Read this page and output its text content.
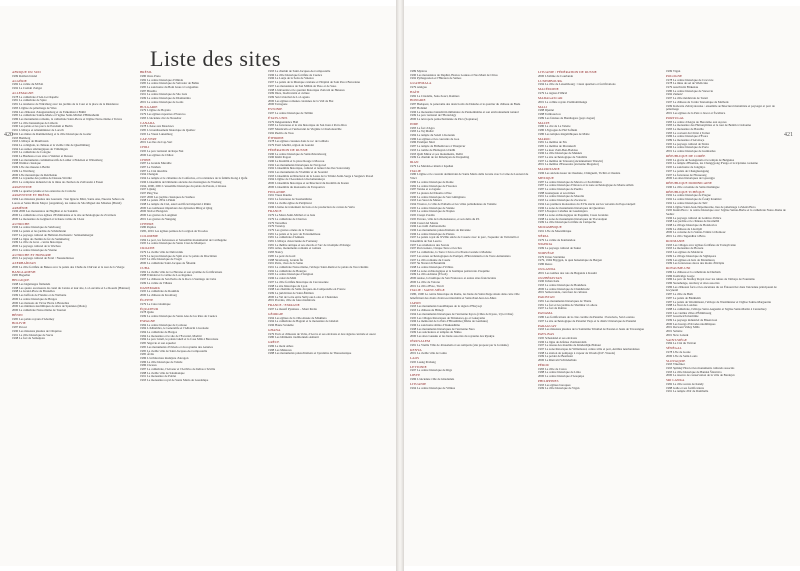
Liste des sites
420
AFRIQUE DU SUD
1999 Robben Island
ALGÉRIE
1982 La vallée du M'Zab
1992 La Casbah d'Alger
ALLEMAGNE
1978 La cathédrale d'Aix-la-Chapelle
1981 La cathédrale de Spire
1981 La résidence de Würzburg avec les jardins de la Cour et la place de la Résidence
1983 L'église de pèlerinage de Wies
1984 Les châteaux d'Augustusburg et de Falkenlust à Brühl
1985 La cathédrale Sainte-Marie et l'église Saint-Michel d'Hildesheim
1986 Les monuments romains, la cathédrale Saint-Pierre et l'église Notre-Dame à Trèves
1987 La ville hanséatique de Lübeck
1990 Les palais et les parcs de Potsdam et Berlin
1991 L'abbaye et Altenmünster de Lorsch
1992 Les mines de Rammelsberg et la ville historique de Goslar
1993 Bamberg
1993 L'abbaye de Maulbronn
1994 La collégiale, le château et la vieille ville de Quedlinburg
1994 Les usines sidérurgiques de Völklingen
1995 La cathédrale de Cologne
1996 Le Bauhaus et ses sites à Weimar et Dessau
1996 Les monuments commémoratifs de Luther à Eisleben et Wittenberg
1998 Weimar classique
1999 L'île des musées à Berlin
1999 La Wartburg
2000 L'île monastique de Reichenau
2000 Le royaume des jardins de Dessau-Wörlitz
2001 Le complexe industriel de la mine de charbon de Zollverein à Essen
ARGENTINE
1999 Le quartier jésuite et les estancias de Córdoba
ARGENTINE ET BRÉSIL
1984 Les missions jésuites des Guaranis : San Ignacio Mini, Santa Ana, Nuestra Señora de Loreto et Santa María Mayor (Argentine), les ruines de São Miguel das Missões (Brésil)
ARMÉNIE
1996 2000 Les monastères de Haghbat et de Sanahin
2000 La cathédrale et les églises d'Echmiatsine et le site archéologique de Zvartnots
2000 Le monastère de Géghard et la haute vallée de l'Azat
AUTRICHE
1996 Le centre historique de Salzbourg
1996 Le palais et les jardins de Schönbrunn
1997 Le paysage culturel de Hallstatt-Dachstein / Salzkammergut
1998 La ligne de chemin de fer de Semmering
1999 La ville de Graz - centre historique
2000 Le paysage culturel de la Wachau
2001 Le centre historique de Vienne
AUTRICHE ET HONGRIE
2001 Le paysage culturel de Fertö / Neusiedlersee
AZERBAÏDJAN
2000 La ville fortifiée de Bakou avec le palais des Chahs de Chirvan et la tour de la Vierge
BANGLADESH
1985 Bagerhat
BELGIQUE
1998 Les béguinages flamands
1998 Les quatre ascenseurs du canal du Centre et leur site, La Louvière et Le Roeulx (Hainaut)
1998 La Grand-Place de Bruxelles
1999 Les beffrois de Flandre et de Wallonie
2000 Le centre historique de Bruges
2000 Les maisons de Victor Horta à Bruxelles
2000 Les minières néolithiques de silex de Spiennes (Mons)
2000 La cathédrale Notre-Dame de Tournai
BÉNIN
1985 Les palais royaux d'Abomey
BOLIVIE
1987 Potosí
1990 Les missions jésuites de Chiquitos
1991 La ville historique de Sucre
1998 Le fort de Samaipata
BRÉSIL
1980 Ouro Preto
1982 Le centre historique d'Olinda
1985 Le centre historique de Salvador de Bahia
1985 Le sanctuaire du Bom Jesus à Congonhas
1987 Brasilia
1991 Le centre historique de São Luís
1999 Le centre historique de Diamantina
2001 Le centre historique de Goiás
BULGARIE
1979 L'église de Boyana
1979 Les églises rupestres d'Ivanovo
1983 L'ancienne cité de Nessebar
CANADA
1978 L'Anse aux Meadows
1985 L'arrondissement historique de Québec
1995 Le Vieux Lunenburg
CAP-VERT
2001 Les îles du Cap-Vert
CHILI
1995 Le parc national de Rapa Nui
2000 Les églises de Chiloé
CHINE
1987 La Grande Muraille
1987 Le Taishan
1987 La Cité interdite
1994 Chengde
1994 Le temple et le cimetière de Confucius, et la résidence de la famille Kong à Qufu
1996 L'ensemble de bâtiments anciens des montagnes de Wudang
1994, 2000, 2001 L'ensemble historique du palais du Potala, à Lhassa
1997 Lijiang
1997 Ping Yao
1997 2000 Les jardins classiques de Suzhou
1998 Le palais d'Été à Pékin
1998 Le temple du Ciel, autel sacrificiel impérial à Pékin
2000 Les tombeaux impériaux des dynasties Ming et Qing
2000 Xidi et Hongcun
2000 Les grottes de Longmen
2001 Les grottes de Yungang
CHYPRE
1980 Paphos
1985, 2001 Les églises peintes de la région de Troodos
COLOMBIE
1984 Le port, les forteresses et l'ensemble monumental de Carthagène
1995 Le centre historique de Santa Cruz de Mompox
CROATIE
1979 La vieille ville de Dubrovnik
1979 Le noyau historique de Split avec le palais de Dioclétien
1997 La ville historique de Trogir
2000 La cathédrale Saint-Jacques de Šibenik
CUBA
1982 La vieille ville de La Havane et son système de fortifications
1988 Trinidad et la vallée de Los Ingenios
1997 Le château de San Pedro de la Roca à Santiago de Cuba
1999 La vallée de Viñales
DANEMARK
1995 La cathédrale de Roskilde
2000 Le château de Kronborg
ÉGYPTE
1979 Le Caire islamique
ÉQUATEUR
1978 Quito
1999 Le centre historique de Santa Ana de los Ríos de Cuenca
ESPAGNE
1984 Le centre historique de Cordoue
1984 L'Alhambra, le Generalife et l'Albaicín à Grenade
1984 La cathédrale de Burgos
1984 Le monastère et le site de l'Escurial, Madrid
1984 Le parc Güell, le palais Güell et la Casa Milà à Barcelone
1985 Ségovie et son aqueduc
1985 Les monuments d'Oviedo et du royaume des Asturies
1985 La vieille ville de Saint-Jacques-de-Compostelle
1985 Ávila
1986 L'architecture mudéjare d'Aragon
1986 La ville historique de Tolède
1986 Cáceres
1987 La cathédrale, l'Alcazar et l'Archivo de Indias à Séville
1988 La vieille ville de Salamanque
1991 Le monastère de Poblet
1993 Le monastère royal de Santa María de Guadalupe
1993 Le chemin de Saint-Jacques-de-Compostelle
1996 La ville historique fortifiée de Cuenca
1996 La Lonja de la Seda de Valence
1997 Le palais de la Musique catalane et l'hôpital de Sant Pau à Barcelone
1997 Les monastères de San Millán de Yuso et de Suso
1998 L'université et le quartier historique d'Alcalá de Henares
1999 Ibiza, biodiversité et culture
1999 San Cristóbal de La Laguna
2000 Les églises romanes catalanes de la Vall de Boí
2000 Tarragone
ESTONIE
1997 Le centre historique de Tallinn
ÉTATS-UNIS
1979 Independence Hall
1983 La forteresse et le site historique de San Juan à Porto Rico
1987 Monticello et l'université de Virginie à Charlottesville
1992 Pueblo de Taos
ÉTHIOPIE
1978 Les églises creusées dans le roc de Lalibela
1979 Fasil Ghebbi, région de Gondar
FÉDÉRATION DE RUSSIE
1990 Le centre historique de Saint-Pétersbourg
1990 Kizhi Pogost
1990 Le Kremlin et la place Rouge à Moscou
1992 Les monuments historiques de Novgorod
1992 L'ensemble historique, culturel et naturel des îles Solovetsky
1992 Les monuments de Vladimir et de Souzdal
1993 L'ensemble architectural de la Laure de la Trinité-Saint-Serge à Serguiev Posad
1994 L'église de l'Ascension à Kolomenskoye
2000 L'ensemble historique et architectural du Kremlin de Kazan
2000 L'ensemble du monastère de Ferapontov
FINLANDE
1991 Vieux Rauma
1991 La forteresse de Suomenlinna
1994 La vieille église de Petäjävesi
1996 L'usine de traitement du bois et de production de carton de Verla
FRANCE
1979 Le Mont-Saint-Michel et sa baie
1979 La cathédrale de Chartres
1979 Versailles
1979 Vézelay
1979 Les grottes ornées de la Vézère
1981 Le palais et le parc de Fontainebleau
1981 La cathédrale d'Amiens
1981 L'abbaye cistercienne de Fontenay
1981 Le théâtre antique et ses abords et l'arc de triomphe d'Orange
1981 Arles, monuments romains et romans
1983 Nancy
1985 Le pont du Gard
1988 Strasbourg, Grande Île
1991 Paris, rives de la Seine
1991 La cathédrale Notre-Dame, l'abbaye Saint-Remi et le palais de Tau à Reims
1992 La cathédrale de Bourges
1995 Le centre historique d'Avignon
1996 Le canal du Midi
1997 La ville fortifiée historique de Carcassonne
1998 Le site historique de Lyon
1998 Les chemins de Saint-Jacques-de-Compostelle en France
1999 La juridiction de Saint-Émilion
2000 Le Val de Loire entre Sully-sur-Loire et Chalonnes
2001 Provins, ville de foire médiévale
FRANCE / ESPAGNE
1997 Le massif Pyrénées – Mont Perdu
GÉORGIE
1994 Les églises de la ville-musée de Mtskheta
1994 La cathédrale de Bagrati et le monastère de Ghelati
1996 Haute Svanétie
GHANA
1979 Forts et châteaux de Volta, d'Accra et ses environs et des régions centrale et ouest
1980 Les bâtiments traditionnels Ashanti
GRÈCE
1986 Le mont Athos
1988 Les Météores
1988 Les monuments paléochrétiens et byzantins de Thessalonique
421
1989 Mystras
1990 Les monastères de Daphni, Hosios Loukas et Nea Moni de Chios
1992 Pythagoreion et l'Héraion de Samos
GUATEMALA
1979 Antigua
HAÏTI
1982 La Citadelle, Sans-Souci, Ramiers
HONGRIE
1987 Budapest, le panorama des deux bords du Danube et le quartier du château de Buda
1987 Hollókő
1996 Le monastère bénédictin millénaire de Pannonhalma et son environnement naturel
1999 Le parc national de l'Hortobágy
2000 La nécropole paléochrétienne de Pécs (Sopianae)
INDE
1983 Le fort d'Agra
1983 Le Taj Mahal
1984 Le temple du Soleil à Konarak
1986 Les églises et les couvents de Goa
1986 Fatehpur Sikri
1987 Le temple de Brihadisvara à Thanjavur
1993 La tombe de Humayun à Delhi
1993 Qutb Minar et ses monuments, Delhi
1999 Le chemin de fer himalayen de Darjeeling
IRAN
1979 Le Meidan-e imam à Ispahan
ITALIE
1980 L'église et le couvent dominicain de Santa Maria delle Grazie avec la Cène de Léonard de Vinci
1980 Le centre historique de Rome
1982 Le centre historique de Florence
1987 Venise et sa lagune
1987 La piazza del Duomo à Pise
1990 Le centre historique de San Gimignano
1993 Les Sassi de Matera
1994 Vicence, la ville de Palladio et les villas palladiennes de Vénétie
1995 Le centre historique de Sienne
1995 Le centre historique de Naples
1995 Crespi d'Adda
1995 Ferrare, ville de la Renaissance, et son delta du Pô
1996 Castel del Monte
1996 Les trulli d'Alberobello
1996 Les monuments paléochrétiens de Ravenne
1996 Le centre historique de Pienza
1997 Le palais royal du XVIIIe siècle de Caserte avec le parc, l'aqueduc de Vanvitelli et l'ensemble de San Leucio
1997 Les résidences des Savoie
1997 Portovenere, Cinque Terre et les îles
1997 La cathédrale, la Torre Civica et la Piazza Grande à Modène
1997 Les zones archéologiques de Pompéi, d'Herculanum et de Torre Annunziata
1997 La villa romaine du Casale
1997 Su Nuraxi di Barumini
1998 Le centre historique d'Urbino
1998 La zone archéologique et la basilique patriarcale d'Aquilée
1999 La villa Adriana (Tivoli)
2000 Assise, la basilique de San Francesco et autres sites franciscains
2000 La ville de Vérone
2001 La villa d'Este, Tivoli
ITALIE / SAINT-SIÈGE
1980, 1990 Le centre historique de Rome, les biens du Saint-Siège situés dans cette ville bénéficiant des droits d'extra-territorialité et Saint-Paul-hors-les-Murs
JAPON
1993 Les monuments bouddhiques de la région d'Horyu-ji
1993 Le château de Himeji
1994 Les monuments historiques de l'ancienne Kyoto (villes de Kyoto, Uji et Otsu)
1995 Les villages historiques de Shirakawa-go et Gokayama
1996 Le mémorial de la Paix d'Hiroshima (Dôme de Genbaku)
1996 Le sanctuaire shinto d'Itsukushima
1998 Les monuments historiques de l'ancienne Nara
1999 Les sanctuaires et temples de Nikko
2000 Les sites Gusuku et les biens associés du royaume des Ryukyu
JÉRUSALEM
1981 La Vieille Ville de Jérusalem et ses remparts (site proposé par la Jordanie)
KENYA
2001 La vieille ville de Lamu
LAOS
1995 Luang Prabang
LETTONIE
1997 Le centre historique de Riga
LIBYE
1986 L'ancienne ville de Ghadamès
LITUANIE
1994 Le centre historique de Vilnius
LITUANIE / FÉDÉRATION DE RUSSIE
2000 L'isthme de Courlande
LUXEMBOURG
1994 La ville de Luxembourg : vieux quartiers et fortifications
MACÉDOINE
1979 La région d'Ohrid
MADAGASCAR
2001 La colline royale d'Ambohimanga
MALI
1988 Djenné
1988 Tombouctou
1989 Les falaises de Bandiagara (pays dogon)
MALTE
1980 La cité de La Valette
1980 L'hypogée de Hal Saflieni
1980 Les temples mégalithiques de Malte
MAROC
1981 La médina de Fès
1985 La médina de Marrakech
1987 Le ksar d'Aït-Ben-Haddou
1996 La ville historique de Meknès
1997 Le site archéologique de Volubilis
1997 La médina de Tétouan (anciennement Titawin)
2001 La médina d'Essaouira (ancienne Mogador)
MAURITANIE
1996 Les anciens ksour de Ouadane, Chinguetti, Tichitt et Oualata
MEXIQUE
1987 Le centre historique de Mexico et Xochimilco
1987 Le centre historique d'Oaxaca et la zone archéologique de Monte Albán
1987 Le centre historique de Puebla
1988 Guanajuato et ses mines
1991 Le centre historique de Morelia
1993 Le centre historique de Zacatecas
1994 Les premiers monastères du XVIe siècle sur les versants du Popocatépetl
1996 La zone de monuments historiques de Querétaro
1997 L'hospice Cabañas de Guadalajara
1998 La zone archéologique de Paquimé, Casas Grandes
1998 La zone de monuments historiques de Tlacotalpan
1999 La ville historique fortifiée de Campeche
MOZAMBIQUE
1991 L'île de Mozambique
NÉPAL
1979 La vallée de Katmandou
NIGERIA
1999 Le paysage culturel de Sukur
NORVÈGE
1979 Urnes Stavkirke
1979, 1994 Bryggen, le quai hanséatique de Bergen
1980 Røros
OUGANDA
2001 Les tombes des rois du Buganda à Kasubi
OUZBÉKISTAN
1990 Itchan Kala
1993 Le centre historique de Boukhara
2000 Le centre historique de Chakhrisabz
2001 Samarcande, carrefour de cultures
PAKISTAN
1981 Les monuments historiques de Thatta
1981 Le fort et les jardins de Shalimar à Lahore
1997 Le fort de Rohtas
PANAMA
1980 Les fortifications de la côte caraïbe du Panama : Portobelo, San Lorenzo
1997 Le site archéologique de Panamá Viejo et le district historique de Panamá
PARAGUAY
1993 Les missions jésuites de la Santísima Trinidad de Paraná et Jesús de Tavarangue
PAYS-BAS
1995 Schokland et ses environs
1996 La ligne de défense d'Amsterdam
1997 Le réseau des moulins de Kinderdijk-Elshout
1997 La zone historique de Willemstad, centre-ville et port, Antilles néerlandaises
1998 La station de pompage à vapeur de Wouda (D.F. Wouda)
1999 Le polder de Beemster
2000 Le Rietveld Schröderhuis
PÉROU
1983 La ville de Cuzco
1988 Le centre historique de Lima
2000 Le centre historique d'Arequipa
PHILIPPINES
1993 Les églises baroques
1999 La ville historique de Vigan
1999 Vigan
POLOGNE
1978 Le centre historique de Cracovie
1978 La mine de sel de Wieliczka
1979 Auschwitz Birkenau
1980 Le centre historique de Varsovie
1992 Zamość
1997 La ville médiévale de Toruń
1997 Le château de l'ordre Teutonique de Malbork
1999 Kalwaria Zebrzydowska : ensemble architectural maniériste et paysager et parc de pèlerinage
2001 Les églises de la Paix à Jawor et Świdnica
PORTUGAL
1983 Le centre d'Angra do Heroísmo aux Açores
1983 Le monastère des Hiéronymites et la tour de Belém à Lisbonne
1983 Le monastère de Batalha
1983 Le couvent du Christ à Tomar
1986 Le centre historique d'Évora
1989 Le monastère d'Alcobaça
1995 Le paysage culturel de Sintra
1996 Le centre historique de Porto
2001 Le centre historique de Guimarães
RÉPUBLIQUE DE CORÉE
1995 La grotte de Seokguram et le temple de Bulguksa
1995 Le temple d'Haeinsa, les Changgyong P'ango et la tripitaka coréenne
1995 Le sanctuaire de Jongmyo
1997 Le palais de Changdeokgung
1997 La forteresse de Hwaseong
2000 Les sites historiques de Gyeongju
RÉPUBLIQUE DOMINICAINE
1990 La ville coloniale de Saint-Domingue
RÉPUBLIQUE TCHÈQUE
1992 Le centre historique de Prague
1992 Le centre historique de Český Krumlov
1992 Le centre historique de Telč
1994 L'église Saint-Jean-Népomucène, lieu de pèlerinage à Zelená Hora
1995 Kutná Hora : le centre historique avec l'église Sainte-Barbe et la cathédrale Notre-Dame de Sedlec
1996 Le paysage culturel de Lednice-Valtice
1998 Les jardins et le château de Kroměříž
1998 Le village historique de Holašovice
1999 Le château de Litomyšl
2000 La colonne de la Sainte-Trinité à Olomouc
2001 La villa Tugendhat à Brno
ROUMANIE
1993 Les villages avec églises fortifiées de Transylvanie
1993 Le monastère de Horezu
1993 Les églises de Moldavie
1999 Le village historique de Sighişoara
1999 Les églises en bois de Maramureş
1999 Les forteresses daces des monts d'Orăştie
ROYAUME-UNI
1986 Le château et la cathédrale de Durham
1986 Ironbridge Gorge
1986 Le parc de Studley Royal avec les ruines de l'abbaye de Fountains
1986 Stonehenge, Avebury et sites associés
1986 Les châteaux forts et les enceintes du roi Édouard Ier dans l'ancienne principauté de Gwynedd
1987 La ville de Bath
1987 Le palais de Blenheim
1987 Le palais de Westminster, l'abbaye de Westminster et l'église Sainte-Marguerite
1988 La Tour de Londres
1988 La cathédrale, l'abbaye Saint-Augustin et l'église Saint-Martin à Canterbury
1995 Les vieilles villes d'Édimbourg
1997 Greenwich maritime
1999 Le paysage industriel de Blaenavon
2000 Les bourgs d'Orcades néolithiques
2001 Derwent Valley Mills
2001 Saltaire
2001 New Lanark
SAINT-SIÈGE
1984 La Cité du Vatican
SÉNÉGAL
1978 L'île de Gorée
2000 L'île de Saint-Louis
SLOVAQUIE
1993 Vlkolínec
1993 Spišský Hrad et les monuments culturels associés
1993 La ville historique de Banská Štiavnica
2000 La réserve de conservation de la ville de Bardejov
SRI LANKA
1982 La ville sacrée de Kandy
1988 Galle et ses fortifications
1991 Le temple d'Or de Dambulla
